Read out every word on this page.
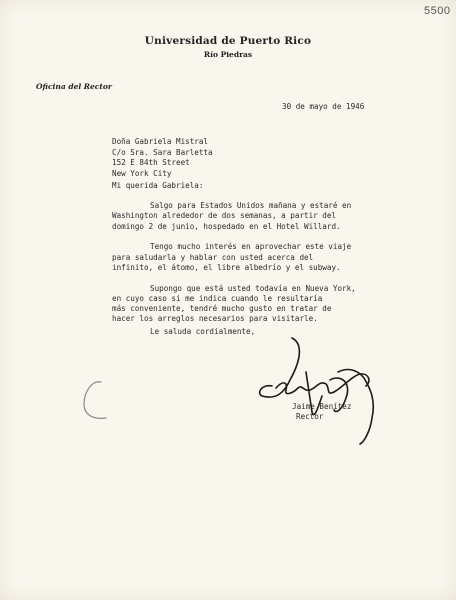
5500
Universidad de Puerto Rico
Río Piedras
Oficina del Rector
30 de mayo de 1946
Doña Gabriela Mistral
C/o Sra. Sara Barletta
152 E 84th Street
New York City
Mi querida Gabriela:
Salgo para Estados Unidos mañana y estaré en
Washington alrededor de dos semanas, a partir del
domingo 2 de junio, hospedado en el Hotel Willard.
Tengo mucho interés en aprovechar este viaje
para saludarla y hablar con usted acerca del
infinito, el átomo, el libre albedrío y el subway.
Supongo que está usted todavía en Nueva York,
en cuyo caso si me indica cuando le resultaría
más conveniente, tendré mucho gusto en tratar de
hacer los arreglos necesarios para visitarle.
Le saluda cordialmente,
Jaime Benítez
Rector
